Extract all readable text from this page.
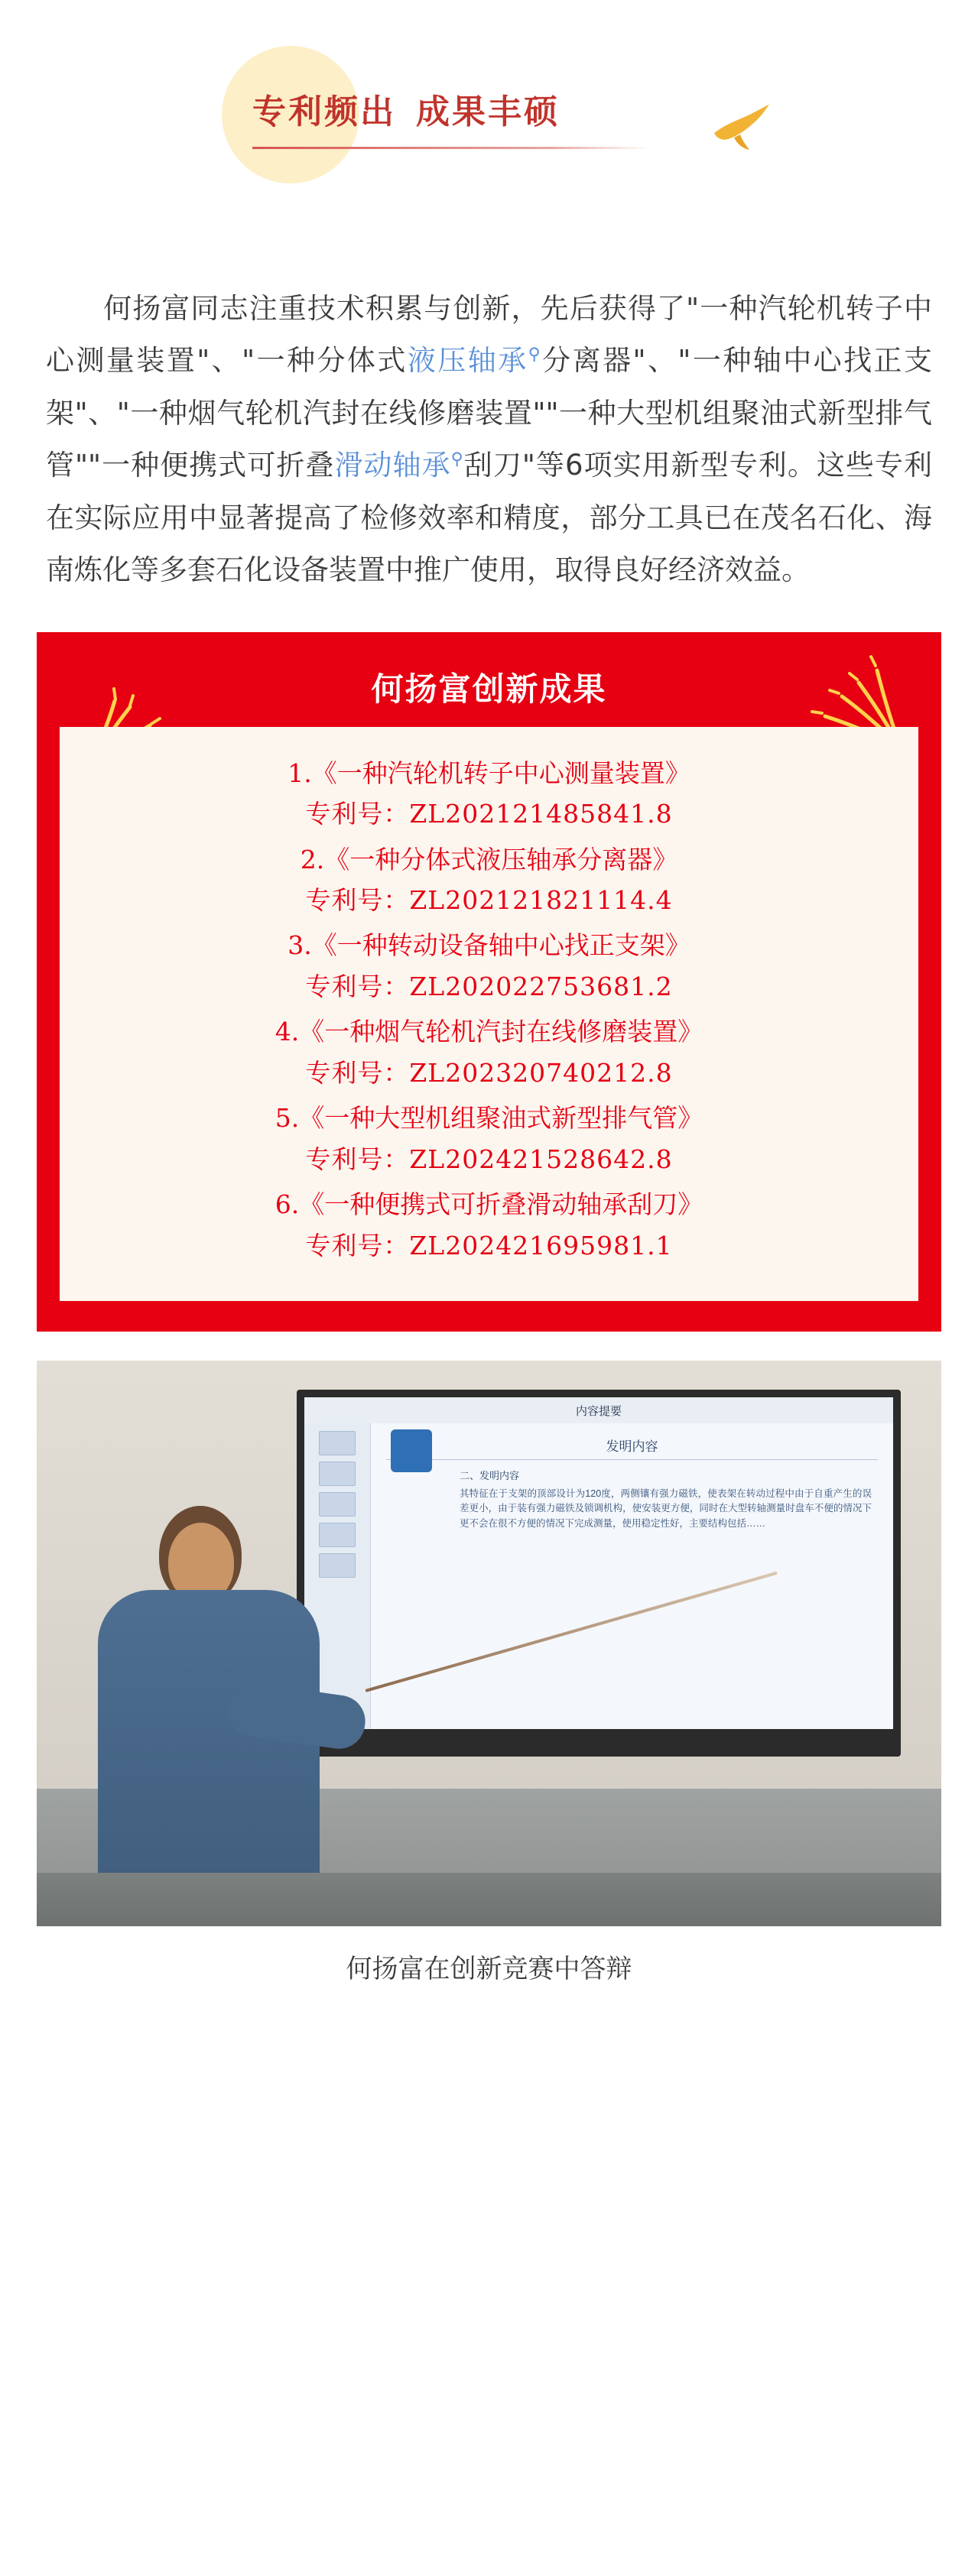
专利频出 成果丰硕
何扬富同志注重技术积累与创新，先后获得了"一种汽轮机转子中心测量装置"、"一种分体式液压轴承⚲分离器"、"一种轴中心找正支架"、"一种烟气轮机汽封在线修磨装置""一种大型机组聚油式新型排气管""一种便携式可折叠滑动轴承⚲刮刀"等6项实用新型专利。这些专利在实际应用中显著提高了检修效率和精度，部分工具已在茂名石化、海南炼化等多套石化设备装置中推广使用，取得良好经济效益。
何扬富创新成果
1.《一种汽轮机转子中心测量装置》
专利号：ZL202121485841.8
2.《一种分体式液压轴承分离器》
专利号：ZL202121821114.4
3.《一种转动设备轴中心找正支架》
专利号：ZL202022753681.2
4.《一种烟气轮机汽封在线修磨装置》
专利号：ZL202320740212.8
5.《一种大型机组聚油式新型排气管》
专利号：ZL202421528642.8
6.《一种便携式可折叠滑动轴承刮刀》
专利号：ZL202421695981.1
内容提要
发明内容
二、发明内容
其特征在于支架的顶部设计为120度，两侧镶有强力磁铁，使表架在转动过程中由于自重产生的误差更小，由于装有强力磁铁及锁调机构，使安装更方便，同时在大型转轴测量时盘车不便的情况下更不会在很不方便的情况下完成测量，使用稳定性好，主要结构包括……
何扬富在创新竞赛中答辩
